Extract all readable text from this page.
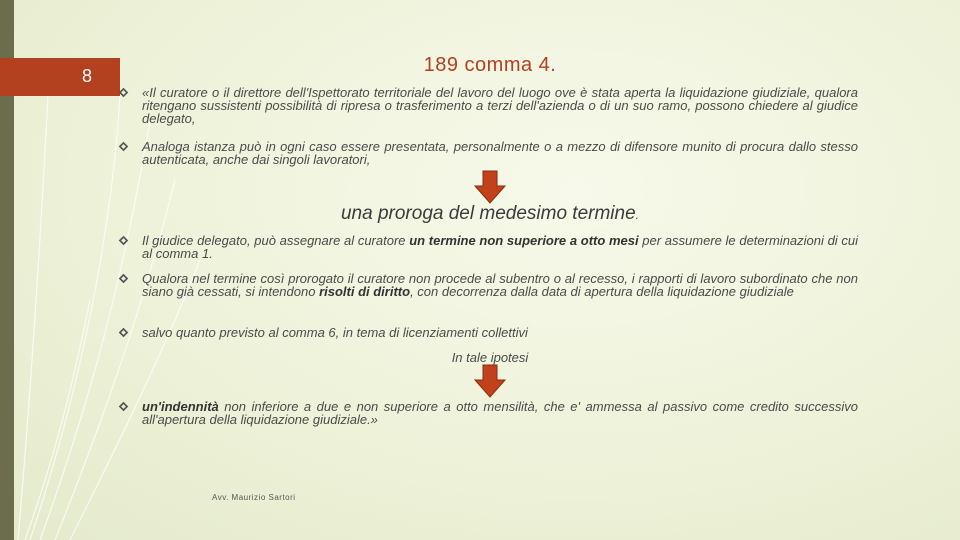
8	189 comma 4.
«Il curatore o il direttore dell'Ispettorato territoriale del lavoro del luogo ove è stata aperta la liquidazione giudiziale, qualora ritengano sussistenti possibilità di ripresa o trasferimento a terzi dell'azienda o di un suo ramo, possono chiedere al giudice delegato,
Analoga istanza può in ogni caso essere presentata, personalmente o a mezzo di difensore munito di procura dallo stesso autenticata, anche dai singoli lavoratori,
una proroga del medesimo termine.
Il giudice delegato, può assegnare al curatore un termine non superiore a otto mesi per assumere le determinazioni di cui al comma 1.
Qualora nel termine così prorogato il curatore non procede al subentro o al recesso, i rapporti di lavoro subordinato che non siano già cessati, si intendono risolti di diritto, con decorrenza dalla data di apertura della liquidazione giudiziale
salvo quanto previsto al comma 6, in tema di licenziamenti collettivi
In tale ipotesi
un'indennità non inferiore a due e non superiore a otto mensilità, che e' ammessa al passivo come credito successivo all'apertura della liquidazione giudiziale.»
Avv. Maurizio Sartori
